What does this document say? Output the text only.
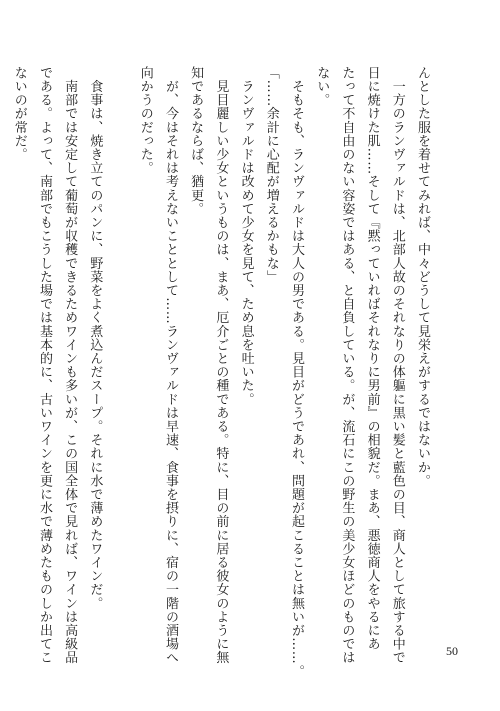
んとした服を着せてみれば、中々どうして見栄えがするではないか。
　一方のランヴァルドは、北部人故のそれなりの体軀に黒い髪と藍色の目、商人として旅する中で
日に焼けた肌……そして『黙っていればそれなりに男前』の相貌だ。まあ、悪徳商人をやるにあ
たって不自由のない容姿ではある、と自負している。が、流石にこの野生の美少女ほどのものでは
ない。
　そもそも、ランヴァルドは大人の男である。見目がどうであれ、問題が起こることは無いが……。
「……余計に心配が増えるかもな」
　ランヴァルドは改めて少女を見て、ため息を吐いた。
　見目麗しい少女というものは、まあ、厄介ごとの種である。特に、目の前に居る彼女のように無
知であるならば、猶更。
　が、今はそれは考えないこととして……ランヴァルドは早速、食事を摂りに、宿の一階の酒場へ
向かうのだった。
　食事は、焼き立てのパンに、野菜をよく煮込んだスープ。それに水で薄めたワインだ。
　南部では安定して葡萄が収穫できるためワインも多いが、この国全体で見れば、ワインは高級品
である。よって、南部でもこうした場では基本的に、古いワインを更に水で薄めたものしか出てこ
ないのが常だ。
50
